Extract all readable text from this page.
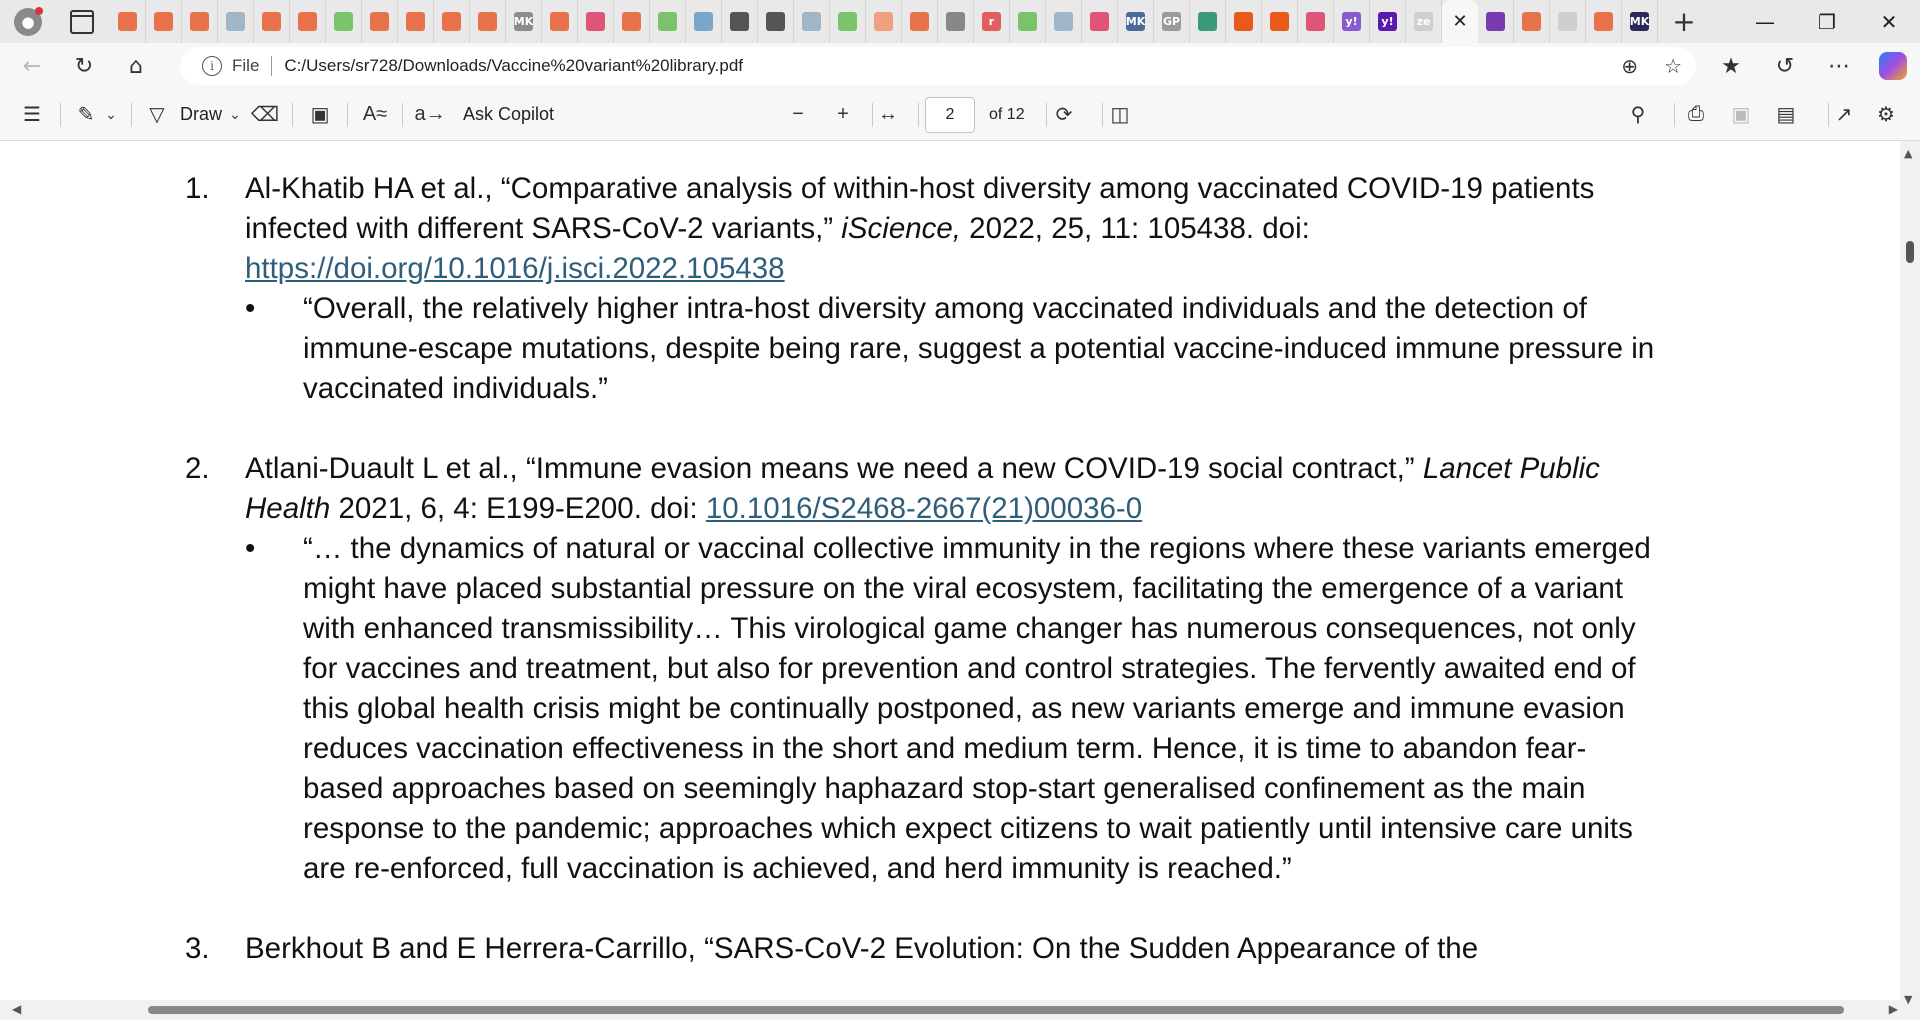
●	MK	r	MK GP	y!	y!	ze ✕	MK +	—	❐	✕
←	↻	⌂	i	File C:/Users/sr728/Downloads/Vaccine%20variant%20library.pdf	⊕ ☆	★	↺	⋯
☰	✎ ⌄	▽ Draw ⌄ ⌫	▣	A≈ a→ Ask Copilot	−	+	↔	2	of 12	⟳	◫	⚲	⎙	▣	▤	↗	⚙
1. Al-Khatib HA et al., “Comparative analysis of within-host diversity among vaccinated COVID-19 patients infected with different SARS-CoV-2 variants,” iScience, 2022, 25, 11: 105438. doi: https://doi.org/10.1016/j.isci.2022.105438
• “Overall, the relatively higher intra-host diversity among vaccinated individuals and the detection of immune-escape mutations, despite being rare, suggest a potential vaccine-induced immune pressure in vaccinated individuals.”
2. Atlani-Duault L et al., “Immune evasion means we need a new COVID-19 social contract,” Lancet Public Health 2021, 6, 4: E199-E200. doi: 10.1016/S2468-2667(21)00036-0
• “… the dynamics of natural or vaccinal collective immunity in the regions where these variants emerged might have placed substantial pressure on the viral ecosystem, facilitating the emergence of a variant with enhanced transmissibility… This virological game changer has numerous consequences, not only for vaccines and treatment, but also for prevention and control strategies. The fervently awaited end of this global health crisis might be continually postponed, as new variants emerge and immune evasion reduces vaccination effectiveness in the short and medium term. Hence, it is time to abandon fear-based approaches based on seemingly haphazard stop-start generalised confinement as the main response to the pandemic; approaches which expect citizens to wait patiently until intensive care units are re-enforced, full vaccination is achieved, and herd immunity is reached.”
3. Berkhout B and E Herrera-Carrillo, “SARS-CoV-2 Evolution: On the Sudden Appearance of the
▲
▼
◀	▶
